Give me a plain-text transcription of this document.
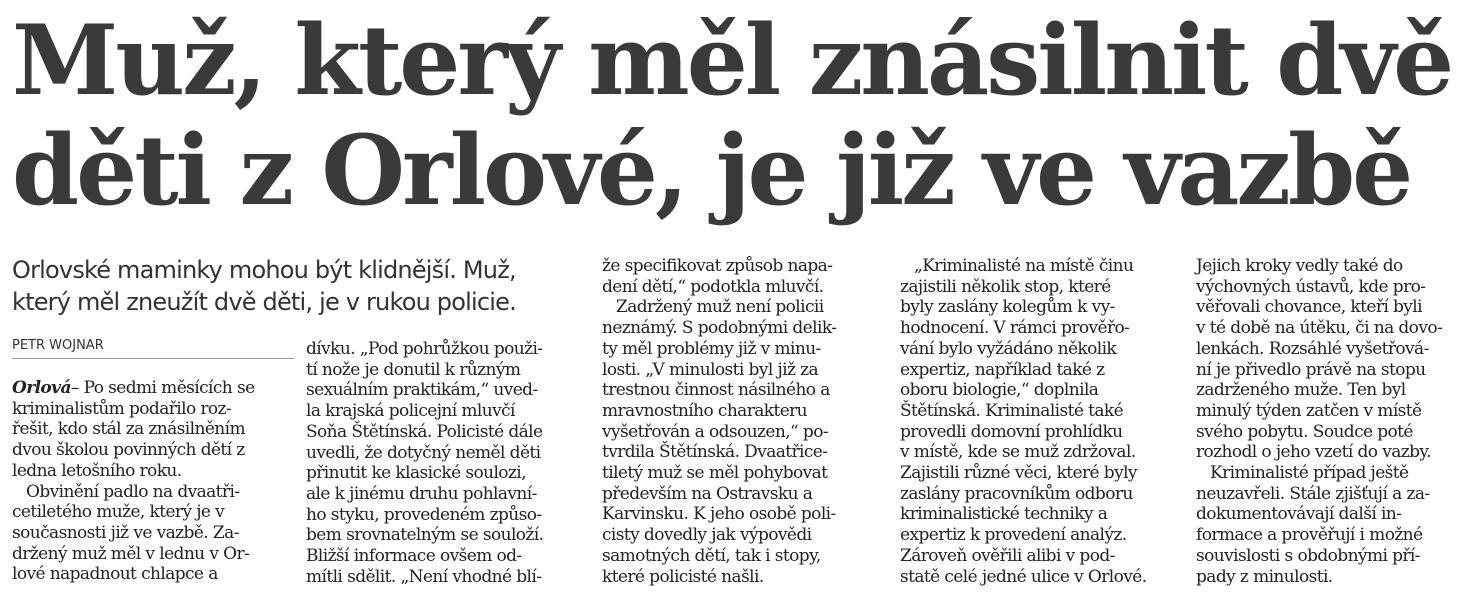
Muž, který měl znásilnit dvě
děti z Orlové, je již ve vazbě

Orlovské maminky mohou být klidnější. Muž,
který měl zneužít dvě děti, je v rukou policie.

PETR WOJNAR
Orlová– Po sedmi měsících se
kriminalistům podařilo roz-
řešit, kdo stál za znásilněním
dvou školou povinných dětí z
ledna letošního roku.
Obvinění padlo na dvaatři-
cetiletého muže, který je v
současnosti již ve vazbě. Za-
držený muž měl v lednu v Or-
lové napadnout chlapce a
dívku. „Pod pohrůžkou použi-
tí nože je donutil k různým
sexuálním praktikám,“ uved-
la krajská policejní mluvčí
Soňa Štětínská. Policisté dále
uvedli, že dotyčný neměl děti
přinutit ke klasické soulozi,
ale k jinému druhu pohlavní-
ho styku, provedeném způso-
bem srovnatelným se souloží.
Bližší informace ovšem od-
mítli sdělit. „Není vhodné blí-
že specifikovat způsob napa-
dení dětí,“ podotkla mluvčí.
Zadržený muž není policii
neznámý. S podobnými delik-
ty měl problémy již v minu-
losti. „V minulosti byl již za
trestnou činnost násilného a
mravnostního charakteru
vyšetřován a odsouzen,“ po-
tvrdila Štětínská. Dvaatřice-
tiletý muž se měl pohybovat
především na Ostravsku a
Karvinsku. K jeho osobě poli-
cisty dovedly jak výpovědi
samotných dětí, tak i stopy,
které policisté našli.
„Kriminalisté na místě činu
zajistili několik stop, které
byly zaslány kolegům k vy-
hodnocení. V rámci prověřo-
vání bylo vyžádáno několik
expertiz, například také z
oboru biologie,“ doplnila
Štětínská. Kriminalisté také
provedli domovní prohlídku
v místě, kde se muž zdržoval.
Zajistili různé věci, které byly
zaslány pracovníkům odboru
kriminalistické techniky a
expertiz k provedení analýz.
Zároveň ověřili alibi v pod-
statě celé jedné ulice v Orlové.
Jejich kroky vedly také do
výchovných ústavů, kde pro-
věřovali chovance, kteří byli
v té době na útěku, či na dovo-
lenkách. Rozsáhlé vyšetřová-
ní je přivedlo právě na stopu
zadrženého muže. Ten byl
minulý týden zatčen v místě
svého pobytu. Soudce poté
rozhodl o jeho vzetí do vazby.
Kriminalisté případ ještě
neuzavřeli. Stále zjišťují a za-
dokumentovávají další in-
formace a prověřují i možné
souvislosti s obdobnými pří-
pady z minulosti.
